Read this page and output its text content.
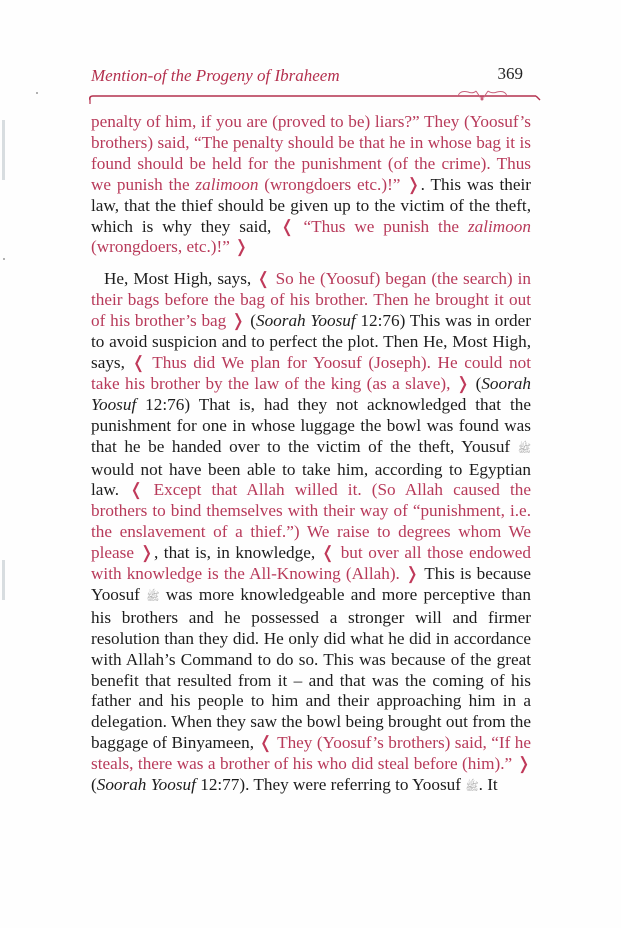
Mention-of the Progeny of Ibraheem	369

penalty of him, if you are (proved to be) liars?” They (Yoosuf’s brothers) said, “The penalty should be that he in whose bag it is found should be held for the punishment (of the crime). Thus we punish the zalimoon (wrongdoers etc.)!” ❭. This was their law, that the thief should be given up to the victim of the theft, which is why they said, ❬ “Thus we punish the zalimoon (wrongdoers, etc.)!” ❭

He, Most High, says, ❬ So he (Yoosuf) began (the search) in their bags before the bag of his brother. Then he brought it out of his brother’s bag ❭ (Soorah Yoosuf 12:76) This was in order to avoid suspicion and to perfect the plot. Then He, Most High, says, ❬ Thus did We plan for Yoosuf (Joseph). He could not take his brother by the law of the king (as a slave), ❭ (Soorah Yoosuf 12:76) That is, had they not acknowledged that the punishment for one in whose luggage the bowl was found was that he be handed over to the victim of the theft, Yousuf ﷺ would not have been able to take him, according to Egyptian law. ❬ Except that Allah willed it. (So Allah caused the brothers to bind themselves with their way of “punishment, i.e. the enslavement of a thief.”) We raise to degrees whom We please ❭, that is, in knowledge, ❬ but over all those endowed with knowledge is the All-Knowing (Allah). ❭ This is because Yoosuf ﷺ was more knowledgeable and more perceptive than his brothers and he possessed a stronger will and firmer resolution than they did. He only did what he did in accordance with Allah’s Command to do so. This was because of the great benefit that resulted from it – and that was the coming of his father and his people to him and their approaching him in a delegation. When they saw the bowl being brought out from the baggage of Binyameen, ❬ They (Yoosuf’s brothers) said, “If he steals, there was a brother of his who did steal before (him).” ❭ (Soorah Yoosuf 12:77). They were referring to Yoosuf ﷺ. It
